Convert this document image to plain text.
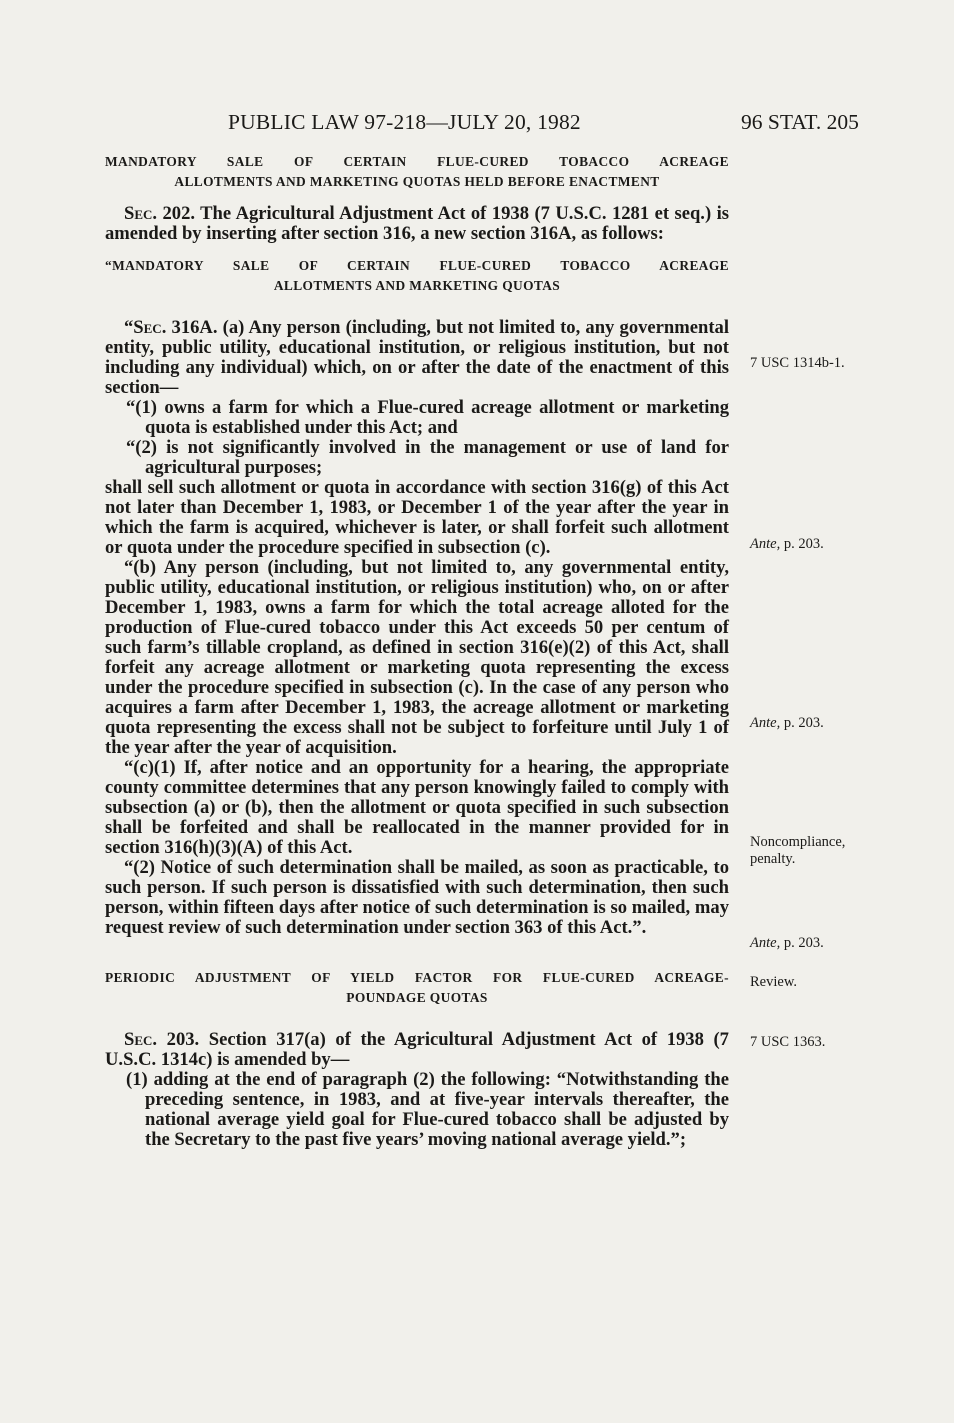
PUBLIC LAW 97-218—JULY 20, 1982	96 STAT. 205
MANDATORY SALE OF CERTAIN FLUE-CURED TOBACCO ACREAGE
ALLOTMENTS AND MARKETING QUOTAS HELD BEFORE ENACTMENT

Sec. 202. The Agricultural Adjustment Act of 1938 (7 U.S.C. 1281 et seq.) is amended by inserting after section 316, a new section 316A, as follows:

“MANDATORY SALE OF CERTAIN FLUE-CURED TOBACCO ACREAGE
ALLOTMENTS AND MARKETING QUOTAS

“Sec. 316A. (a) Any person (including, but not limited to, any governmental entity, public utility, educational institution, or religious institution, but not including any individual) which, on or after the date of the enactment of this section—

“(1) owns a farm for which a Flue-cured acreage allotment or marketing quota is established under this Act; and

“(2) is not significantly involved in the management or use of land for agricultural purposes;

shall sell such allotment or quota in accordance with section 316(g) of this Act not later than December 1, 1983, or December 1 of the year after the year in which the farm is acquired, whichever is later, or shall forfeit such allotment or quota under the procedure specified in subsection (c).

“(b) Any person (including, but not limited to, any governmental entity, public utility, educational institution, or religious institution) who, on or after December 1, 1983, owns a farm for which the total acreage alloted for the production of Flue-cured tobacco under this Act exceeds 50 per centum of such farm’s tillable cropland, as defined in section 316(e)(2) of this Act, shall forfeit any acreage allotment or marketing quota representing the excess under the procedure specified in subsection (c). In the case of any person who acquires a farm after December 1, 1983, the acreage allotment or marketing quota representing the excess shall not be subject to forfeiture until July 1 of the year after the year of acquisition.

“(c)(1) If, after notice and an opportunity for a hearing, the appropriate county committee determines that any person knowingly failed to comply with subsection (a) or (b), then the allotment or quota specified in such subsection shall be forfeited and shall be reallocated in the manner provided for in section 316(h)(3)(A) of this Act.

“(2) Notice of such determination shall be mailed, as soon as practicable, to such person. If such person is dissatisfied with such determination, then such person, within fifteen days after notice of such determination is so mailed, may request review of such determination under section 363 of this Act.”.

PERIODIC ADJUSTMENT OF YIELD FACTOR FOR FLUE-CURED ACREAGE-
POUNDAGE QUOTAS

Sec. 203. Section 317(a) of the Agricultural Adjustment Act of 1938 (7 U.S.C. 1314c) is amended by—

(1) adding at the end of paragraph (2) the following: “Notwithstanding the preceding sentence, in 1983, and at five-year intervals thereafter, the national average yield goal for Flue-cured tobacco shall be adjusted by the Secretary to the past five years’ moving national average yield.”;

7 USC 1314b-1.
Ante, p. 203.
Ante, p. 203.
Noncompliance, penalty.
Ante, p. 203.
Review.
7 USC 1363.
